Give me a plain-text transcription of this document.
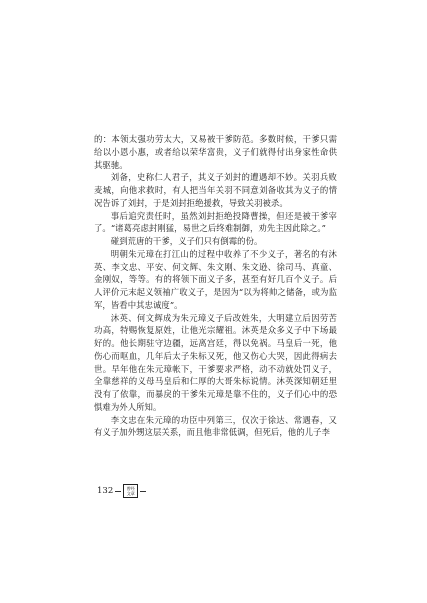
的：本领太强功劳太大，又易被干爹防范。多数时候，干爹只需给以小恩小惠，或者给以荣华富贵，义子们就得付出身家性命供其驱驰。

刘备，史称仁人君子，其义子刘封的遭遇却不妙。关羽兵败麦城，向他求救时，有人把当年关羽不同意刘备收其为义子的情况告诉了刘封，于是刘封拒绝援救，导致关羽被杀。

事后追究责任时，虽然刘封拒绝投降曹操，但还是被干爹宰了。“诸葛亮虑封刚猛，易世之后终难制御，劝先主因此除之。”

碰到荒唐的干爹，义子们只有倒霉的份。

明朝朱元璋在打江山的过程中收养了不少义子，著名的有沐英、李文忠、平安、何文辉、朱文刚、朱文逊、徐司马、真童、金刚奴，等等。有的将领下面义子多，甚至有好几百个义子。后人评价元末起义领袖广收义子，是因为“以为将帅之储备，或为监军，皆看中其忠诚度”。

沐英、何文辉成为朱元璋义子后改姓朱，大明建立后因劳苦功高，特赐恢复原姓，让他光宗耀祖。沐英是众多义子中下场最好的。他长期驻守边疆，远离宫廷，得以免祸。马皇后一死，他伤心而呕血，几年后太子朱标又死，他又伤心大哭，因此得病去世。早年他在朱元璋帐下，干爹要求严格，动不动就处罚义子，全靠慈祥的义母马皇后和仁厚的大哥朱标说情。沐英深知朝廷里没有了依靠，而暴戾的干爹朱元璋是靠不住的，义子们心中的恐惧难为外人所知。

李文忠在朱元璋的功臣中列第三，仅次于徐达、常遇春，又有义子加外甥这层关系，而且他非常低调，但死后，他的儿子李

132	曾经
文章
